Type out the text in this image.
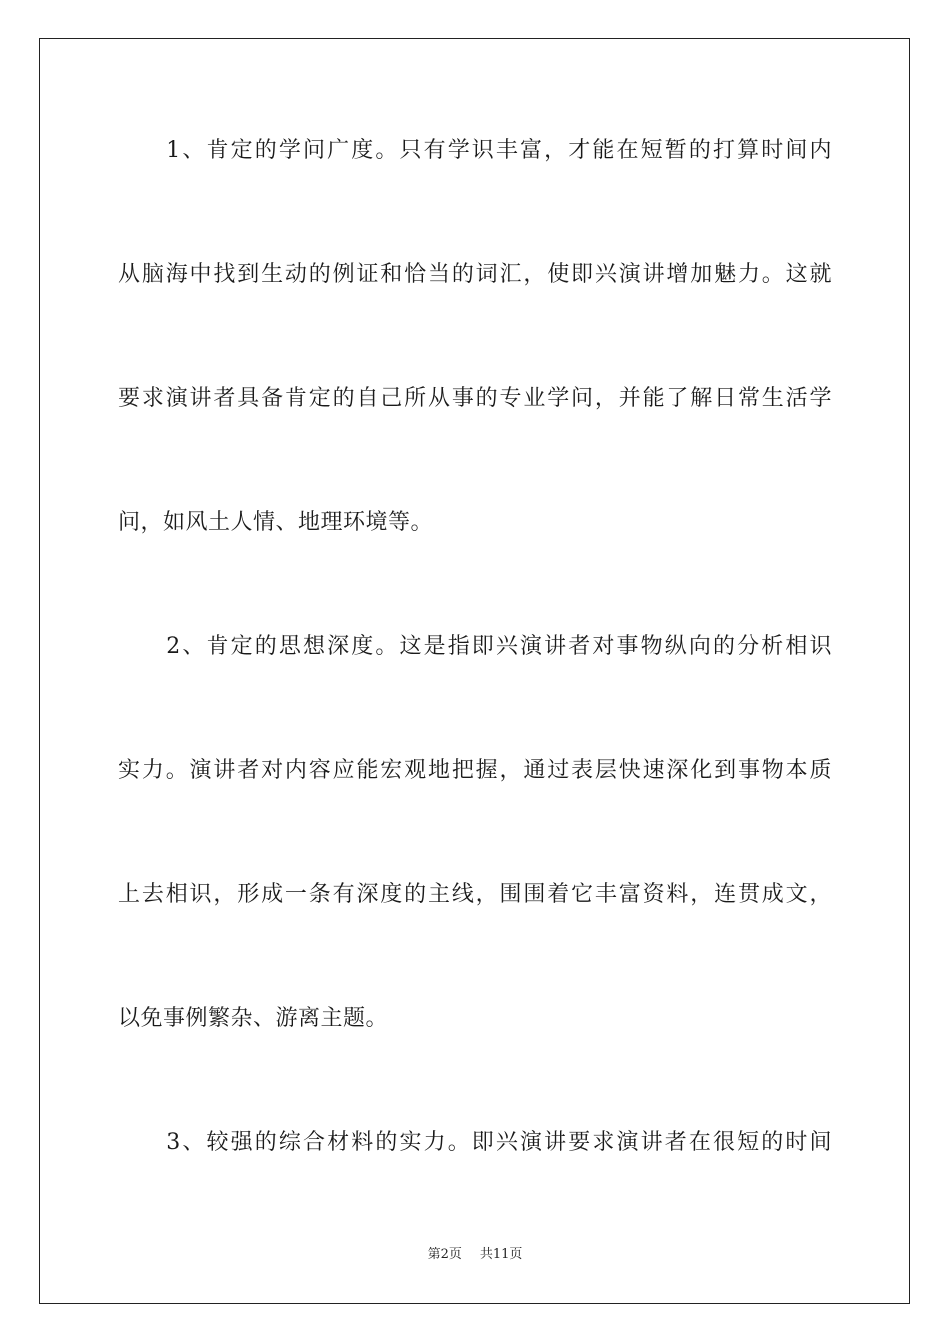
　　1、肯定的学问广度。只有学识丰富，才能在短暂的打算时间内
从脑海中找到生动的例证和恰当的词汇，使即兴演讲增加魅力。这就
要求演讲者具备肯定的自己所从事的专业学问，并能了解日常生活学
问，如风土人情、地理环境等。
　　2、肯定的思想深度。这是指即兴演讲者对事物纵向的分析相识
实力。演讲者对内容应能宏观地把握，通过表层快速深化到事物本质
上去相识，形成一条有深度的主线，围围着它丰富资料，连贯成文，
以免事例繁杂、游离主题。
　　3、较强的综合材料的实力。即兴演讲要求演讲者在很短的时间
第2页 共11页
